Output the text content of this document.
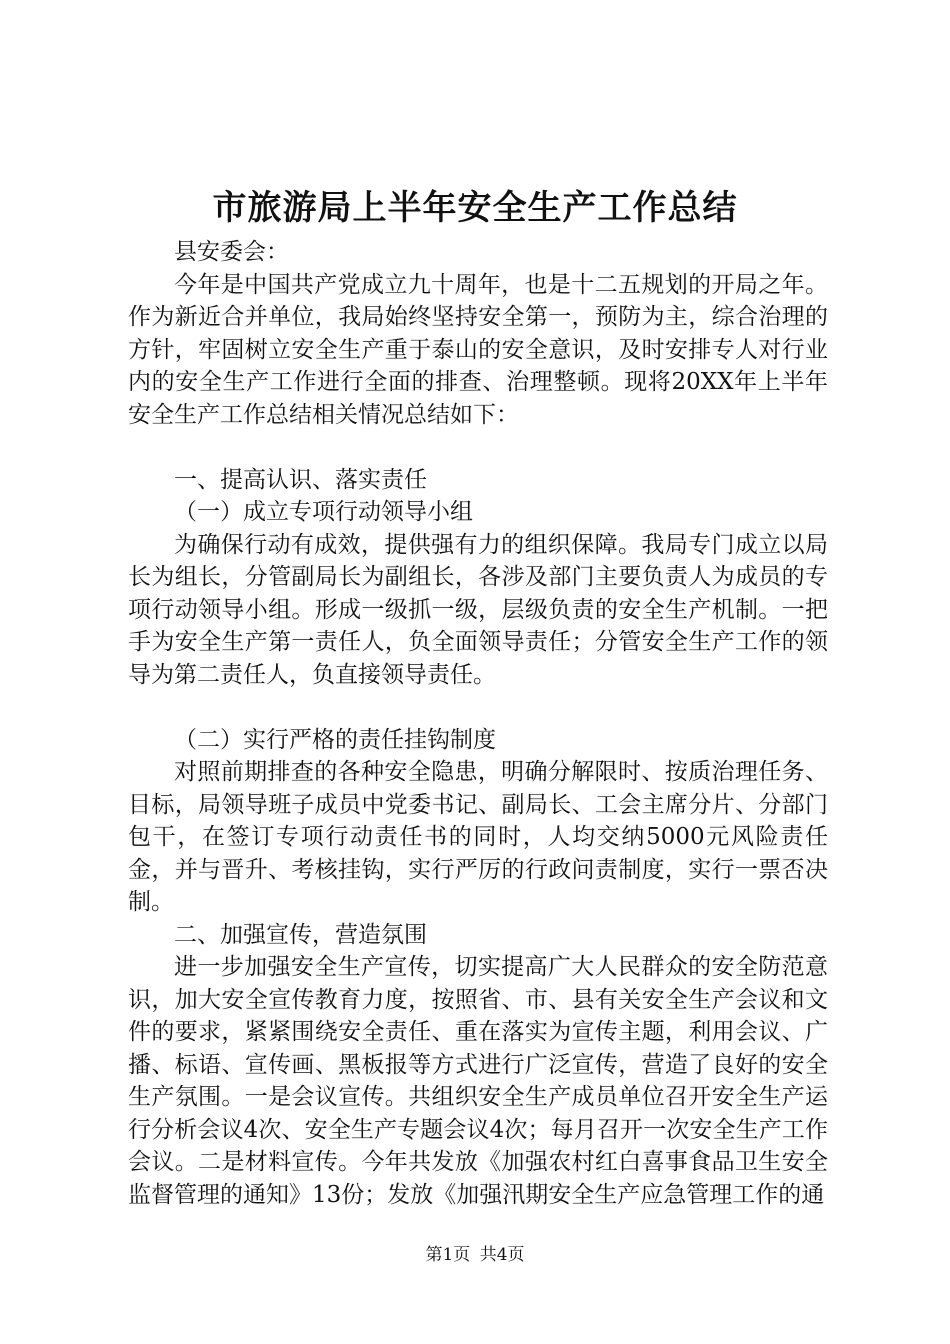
市旅游局上半年安全生产工作总结

县安委会：

今年是中国共产党成立九十周年，也是十二五规划的开局之年。作为新近合并单位，我局始终坚持安全第一，预防为主，综合治理的方针，牢固树立安全生产重于泰山的安全意识，及时安排专人对行业内的安全生产工作进行全面的排查、治理整顿。现将20XX年上半年安全生产工作总结相关情况总结如下：

一、提高认识、落实责任

（一）成立专项行动领导小组

为确保行动有成效，提供强有力的组织保障。我局专门成立以局长为组长，分管副局长为副组长，各涉及部门主要负责人为成员的专项行动领导小组。形成一级抓一级，层级负责的安全生产机制。一把手为安全生产第一责任人，负全面领导责任；分管安全生产工作的领导为第二责任人，负直接领导责任。

（二）实行严格的责任挂钩制度

对照前期排查的各种安全隐患，明确分解限时、按质治理任务、目标，局领导班子成员中党委书记、副局长、工会主席分片、分部门包干，在签订专项行动责任书的同时，人均交纳5000元风险责任金，并与晋升、考核挂钩，实行严厉的行政问责制度，实行一票否决制。

二、加强宣传，营造氛围

进一步加强安全生产宣传，切实提高广大人民群众的安全防范意识，加大安全宣传教育力度，按照省、市、县有关安全生产会议和文件的要求，紧紧围绕安全责任、重在落实为宣传主题，利用会议、广播、标语、宣传画、黑板报等方式进行广泛宣传，营造了良好的安全生产氛围。一是会议宣传。共组织安全生产成员单位召开安全生产运行分析会议4次、安全生产专题会议4次；每月召开一次安全生产工作会议。二是材料宣传。今年共发放《加强农村红白喜事食品卫生安全监督管理的通知》13份；发放《加强汛期安全生产应急管理工作的通

第1页 共4页
